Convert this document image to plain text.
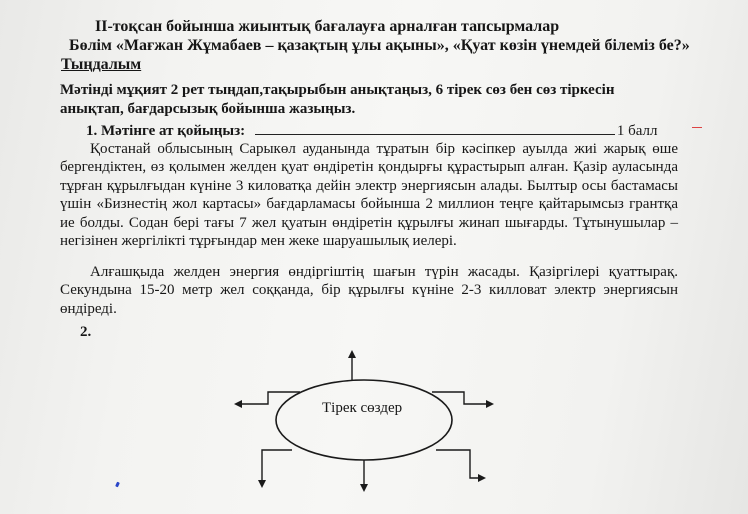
ІІ-тоқсан бойынша жиынтық бағалауға арналған тапсырмалар
Бөлім «Мағжан Жұмабаев – қазақтың ұлы ақыны», «Қуат көзін үнемдей білеміз бе?»
Тыңдалым
Мәтінді мұқият 2 рет тыңдап,тақырыбын анықтаңыз, 6 тірек сөз бен сөз тіркесін
анықтап, бағдарсызық бойынша жазыңыз.
1. Мәтінге ат қойыңыз:	1 балл

Қостанай облысының Сарыкөл ауданында тұратын бір кәсіпкер ауылда жиі жарық өше бергендіктен, өз қолымен желден қуат өндіретін қондырғы құрастырып алған. Қазір ауласында тұрған құрылғыдан күніне 3 киловатқа дейін электр энергиясын алады. Былтыр осы бастамасы үшін «Бизнестің жол картасы» бағдарламасы бойынша 2 миллион теңге қайтарымсыз грантқа ие болды. Содан бері тағы 7 жел қуатын өндіретін құрылғы жинап шығарды. Тұтынушылар – негізінен жергілікті тұрғындар мен жеке шаруашылық иелері.

Алғашқыда желден энергия өндіргіштің шағын түрін жасады. Қазіргілері қуаттырақ. Секундына 15-20 метр жел соққанда, бір құрылғы күніне 2-3 килловат электр энергиясын өндіреді.

2.
Тірек сөздер
